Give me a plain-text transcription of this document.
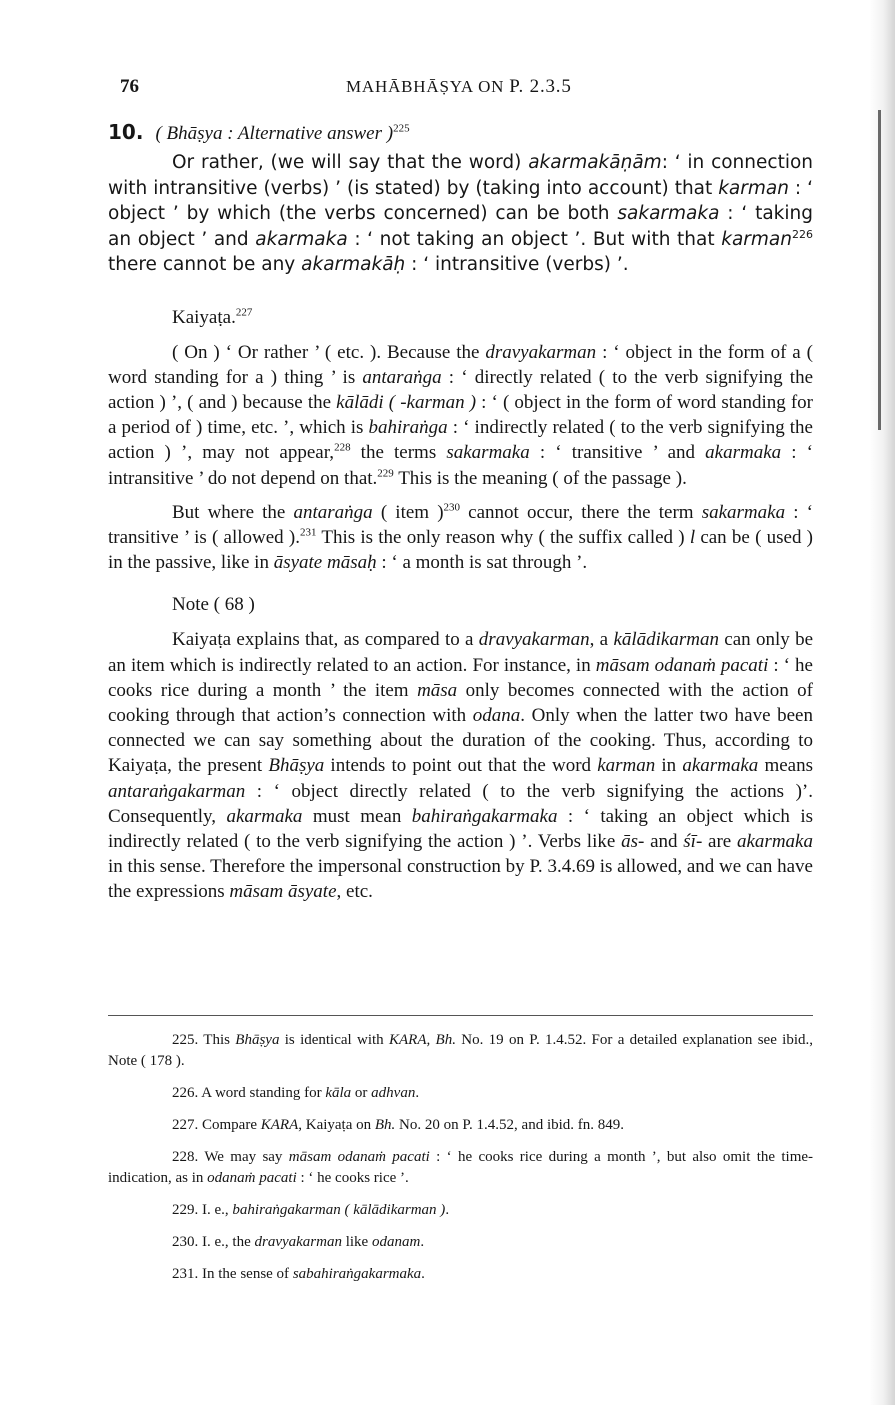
76	MAHĀBHĀṢYA ON P. 2.3.5
10. ( Bhāṣya : Alternative answer )$^{225}$

Or rather, (we will say that the word) akarmakāṇām: ‘ in connection with intransitive (verbs) ’ (is stated) by (taking into account) that karman : ‘ object ’ by which (the verbs concerned) can be both sakarmaka : ‘ taking an object ’ and akarmaka : ‘ not taking an object ’. But with that karman$^{226}$ there cannot be any akarmakāḥ : ‘ intransitive (verbs) ’.

Kaiyaṭa.$^{227}$

( On ) ‘ Or rather ’ ( etc. ). Because the dravyakarman : ‘ object in the form of a ( word standing for a ) thing ’ is antaraṅga : ‘ directly related ( to the verb signifying the action ) ’, ( and ) because the kālādi ( -karman ) : ‘ ( object in the form of word standing for a period of ) time, etc. ’, which is bahiraṅga : ‘ indirectly related ( to the verb signifying the action ) ’, may not appear,$^{228}$ the terms sakarmaka : ‘ transitive ’ and akarmaka : ‘ intransitive ’ do not depend on that.$^{229}$ This is the meaning ( of the passage ).

But where the antaraṅga ( item )$^{230}$ cannot occur, there the term sakarmaka : ‘ transitive ’ is ( allowed ).$^{231}$ This is the only reason why ( the suffix called ) l can be ( used ) in the passive, like in āsyate māsaḥ : ‘ a month is sat through ’.

Note ( 68 )

Kaiyaṭa explains that, as compared to a dravyakarman, a kālādikarman can only be an item which is indirectly related to an action. For instance, in māsam odanaṁ pacati : ‘ he cooks rice during a month ’ the item māsa only becomes connected with the action of cooking through that action’s connection with odana. Only when the latter two have been connected we can say something about the duration of the cooking. Thus, according to Kaiyaṭa, the present Bhāṣya intends to point out that the word karman in akarmaka means antaraṅgakarman : ‘ object directly related ( to the verb signifying the actions )’. Consequently, akarmaka must mean bahiraṅgakarmaka : ‘ taking an object which is indirectly related ( to the verb signifying the action ) ’. Verbs like ās- and śī- are akarmaka in this sense. Therefore the impersonal construction by P. 3.4.69 is allowed, and we can have the expressions māsam āsyate, etc.

225. This Bhāṣya is identical with KARA, Bh. No. 19 on P. 1.4.52. For a detailed explanation see ibid., Note ( 178 ).

226. A word standing for kāla or adhvan.

227. Compare KARA, Kaiyaṭa on Bh. No. 20 on P. 1.4.52, and ibid. fn. 849.

228. We may say māsam odanaṁ pacati : ‘ he cooks rice during a month ’, but also omit the time-indication, as in odanaṁ pacati : ‘ he cooks rice ’.

229. I. e., bahiraṅgakarman ( kālādikarman ).

230. I. e., the dravyakarman like odanam.

231. In the sense of sabahiraṅgakarmaka.
